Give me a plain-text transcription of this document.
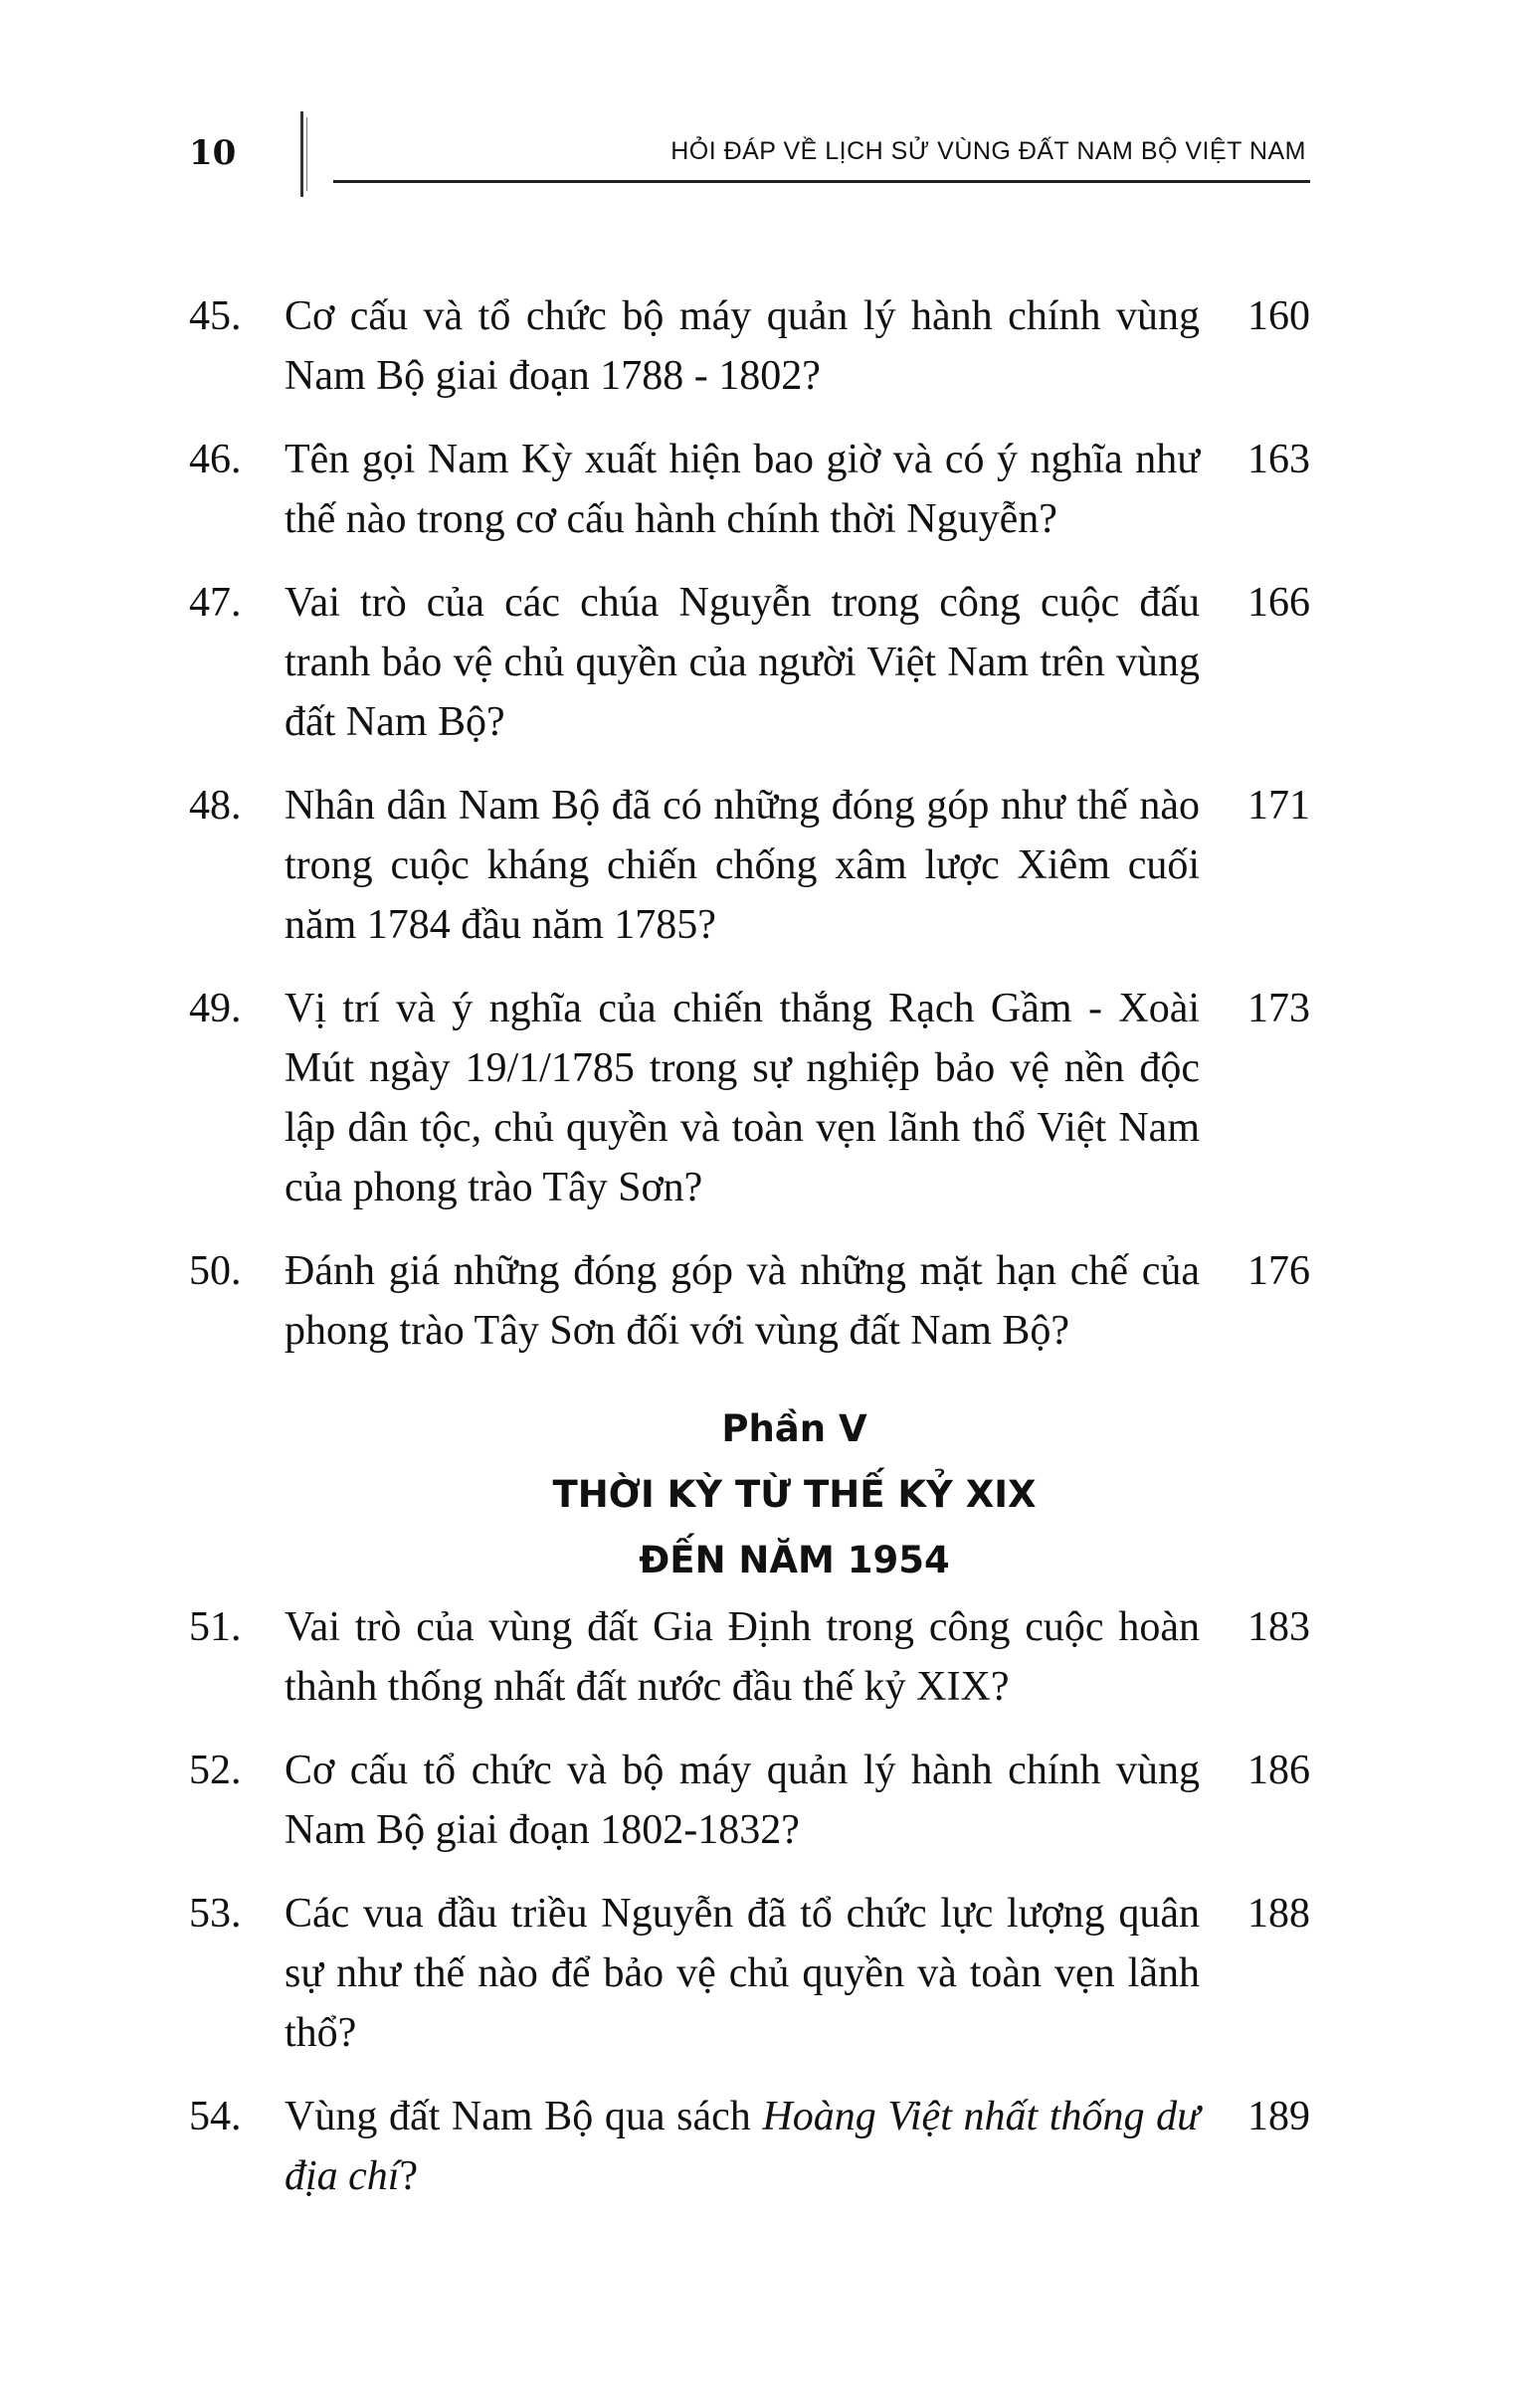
10	HỎI ĐÁP VỀ LỊCH SỬ VÙNG ĐẤT NAM BỘ VIỆT NAM
45. Cơ cấu và tổ chức bộ máy quản lý hành chính vùng Nam Bộ giai đoạn 1788 - 1802?
160
46. Tên gọi Nam Kỳ xuất hiện bao giờ và có ý nghĩa như thế nào trong cơ cấu hành chính thời Nguyễn?
163
47. Vai trò của các chúa Nguyễn trong công cuộc đấu tranh bảo vệ chủ quyền của người Việt Nam trên vùng đất Nam Bộ?
166
48. Nhân dân Nam Bộ đã có những đóng góp như thế nào trong cuộc kháng chiến chống xâm lược Xiêm cuối năm 1784 đầu năm 1785?
171
49. Vị trí và ý nghĩa của chiến thắng Rạch Gầm - Xoài Mút ngày 19/1/1785 trong sự nghiệp bảo vệ nền độc lập dân tộc, chủ quyền và toàn vẹn lãnh thổ Việt Nam của phong trào Tây Sơn?
173
50. Đánh giá những đóng góp và những mặt hạn chế của phong trào Tây Sơn đối với vùng đất Nam Bộ?
176
Phần V
THỜI KỲ TỪ THẾ KỶ XIX
ĐẾN NĂM 1954
51. Vai trò của vùng đất Gia Định trong công cuộc hoàn thành thống nhất đất nước đầu thế kỷ XIX?
183
52. Cơ cấu tổ chức và bộ máy quản lý hành chính vùng Nam Bộ giai đoạn 1802-1832?
186
53. Các vua đầu triều Nguyễn đã tổ chức lực lượng quân sự như thế nào để bảo vệ chủ quyền và toàn vẹn lãnh thổ?
188
54. Vùng đất Nam Bộ qua sách Hoàng Việt nhất thống dư địa chí?
189
